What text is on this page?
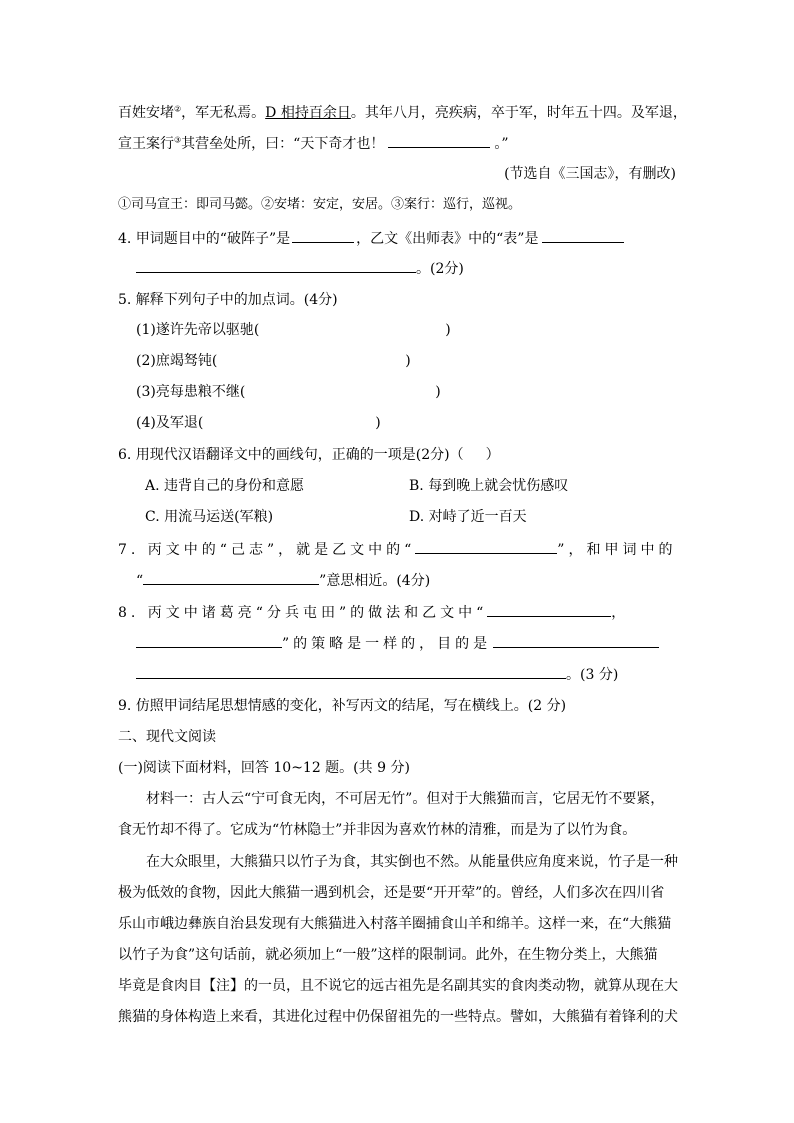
百姓安堵②，军无私焉。D 相持百余日。其年八月，亮疾病，卒于军，时年五十四。及军退，
宣王案行③其营垒处所，曰：“天下奇才也！	。”
(节选自《三国志》，有删改)
①司马宣王：即司马懿。②安堵：安定，安居。③案行：巡行，巡视。
4. 甲词题目中的“破阵子”是	，乙文《出师表》中的“表”是
。(2分)
5. 解释下列句子中的加点词。(4分)
(1)遂许先帝以驱驰(	)
(2)庶竭驽钝(	)
(3)亮每患粮不继(	)
(4)及军退(	)
6. 用现代汉语翻译文中的画线句，正确的一项是(2分)（ ）
A. 违背自己的身份和意愿	B. 每到晚上就会忧伤感叹
C. 用流马运送(军粮)	D. 对峙了近一百天
7. 丙文中的“己志”，就是乙文中的“	”，和甲词中的
“	”意思相近。(4分)
8. 丙文中诸葛亮“分兵屯田”的做法和乙文中“	，
”的策略是一样的，目的是
。(3 分)
9. 仿照甲词结尾思想情感的变化，补写丙文的结尾，写在横线上。(2 分)
二、现代文阅读
(一)阅读下面材料，回答 10~12 题。(共 9 分)
材料一：古人云“宁可食无肉，不可居无竹”。但对于大熊猫而言，它居无竹不要紧，
食无竹却不得了。它成为“竹林隐士”并非因为喜欢竹林的清雅，而是为了以竹为食。
在大众眼里，大熊猫只以竹子为食，其实倒也不然。从能量供应角度来说，竹子是一种
极为低效的食物，因此大熊猫一遇到机会，还是要“开开荤”的。曾经，人们多次在四川省
乐山市峨边彝族自治县发现有大熊猫进入村落羊圈捕食山羊和绵羊。这样一来，在“大熊猫
以竹子为食”这句话前，就必须加上“一般”这样的限制词。此外，在生物分类上，大熊猫
毕竟是食肉目【注】的一员，且不说它的远古祖先是名副其实的食肉类动物，就算从现在大
熊猫的身体构造上来看，其进化过程中仍保留祖先的一些特点。譬如，大熊猫有着锋利的犬
